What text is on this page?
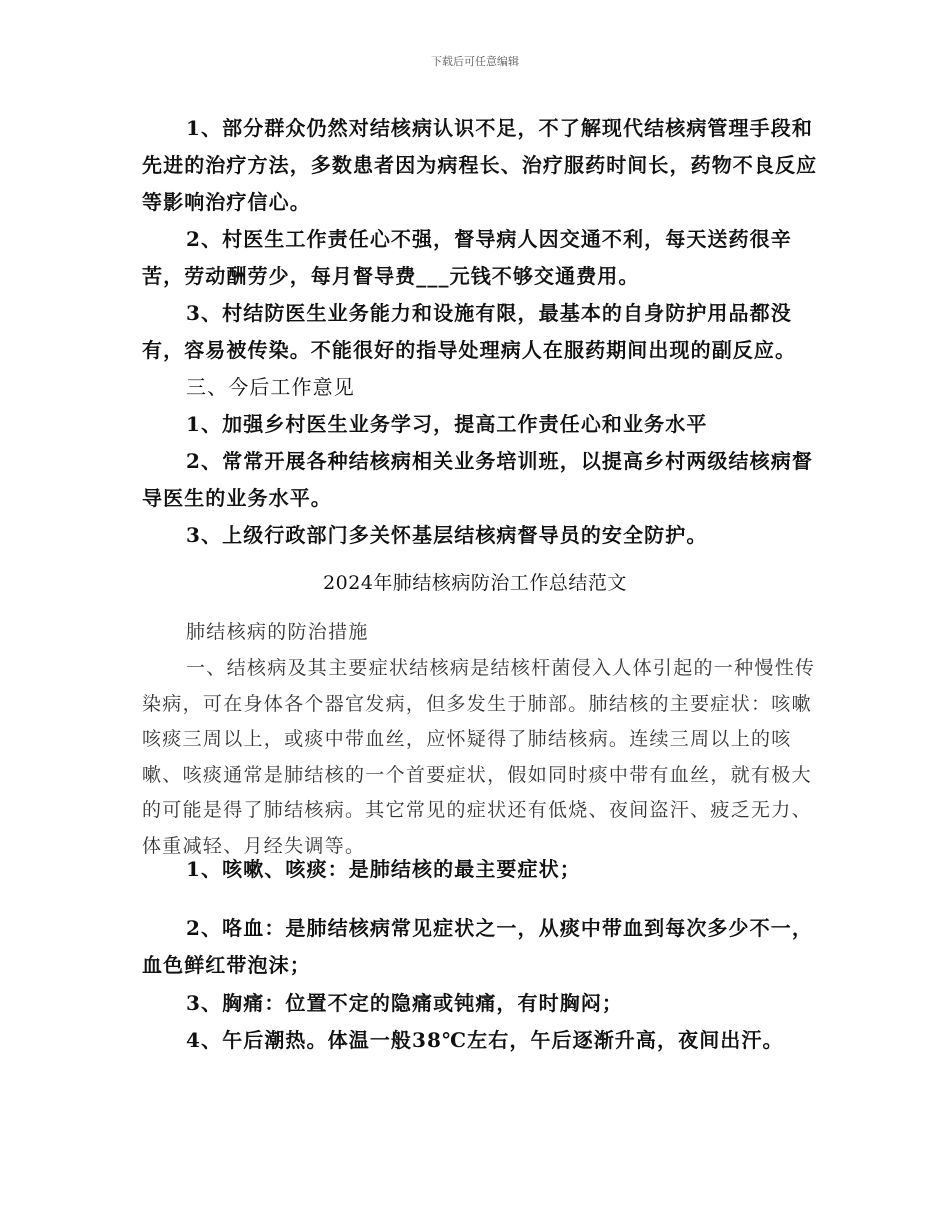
下载后可任意编辑

1、部分群众仍然对结核病认识不足，不了解现代结核病管理手段和先进的治疗方法，多数患者因为病程长、治疗服药时间长，药物不良反应等影响治疗信心。

2、村医生工作责任心不强，督导病人因交通不利，每天送药很辛苦，劳动酬劳少，每月督导费___元钱不够交通费用。

3、村结防医生业务能力和设施有限，最基本的自身防护用品都没有，容易被传染。不能很好的指导处理病人在服药期间出现的副反应。

三、今后工作意见

1、加强乡村医生业务学习，提高工作责任心和业务水平

2、常常开展各种结核病相关业务培训班，以提高乡村两级结核病督导医生的业务水平。

3、上级行政部门多关怀基层结核病督导员的安全防护。

2024年肺结核病防治工作总结范文

肺结核病的防治措施

一、结核病及其主要症状结核病是结核杆菌侵入人体引起的一种慢性传染病，可在身体各个器官发病，但多发生于肺部。肺结核的主要症状：咳嗽咳痰三周以上，或痰中带血丝，应怀疑得了肺结核病。连续三周以上的咳嗽、咳痰通常是肺结核的一个首要症状，假如同时痰中带有血丝，就有极大的可能是得了肺结核病。其它常见的症状还有低烧、夜间盗汗、疲乏无力、体重减轻、月经失调等。

1、咳嗽、咳痰：是肺结核的最主要症状；

2、咯血：是肺结核病常见症状之一，从痰中带血到每次多少不一，血色鲜红带泡沫；

3、胸痛：位置不定的隐痛或钝痛，有时胸闷；

4、午后潮热。体温一般38℃左右，午后逐渐升高，夜间出汗。
